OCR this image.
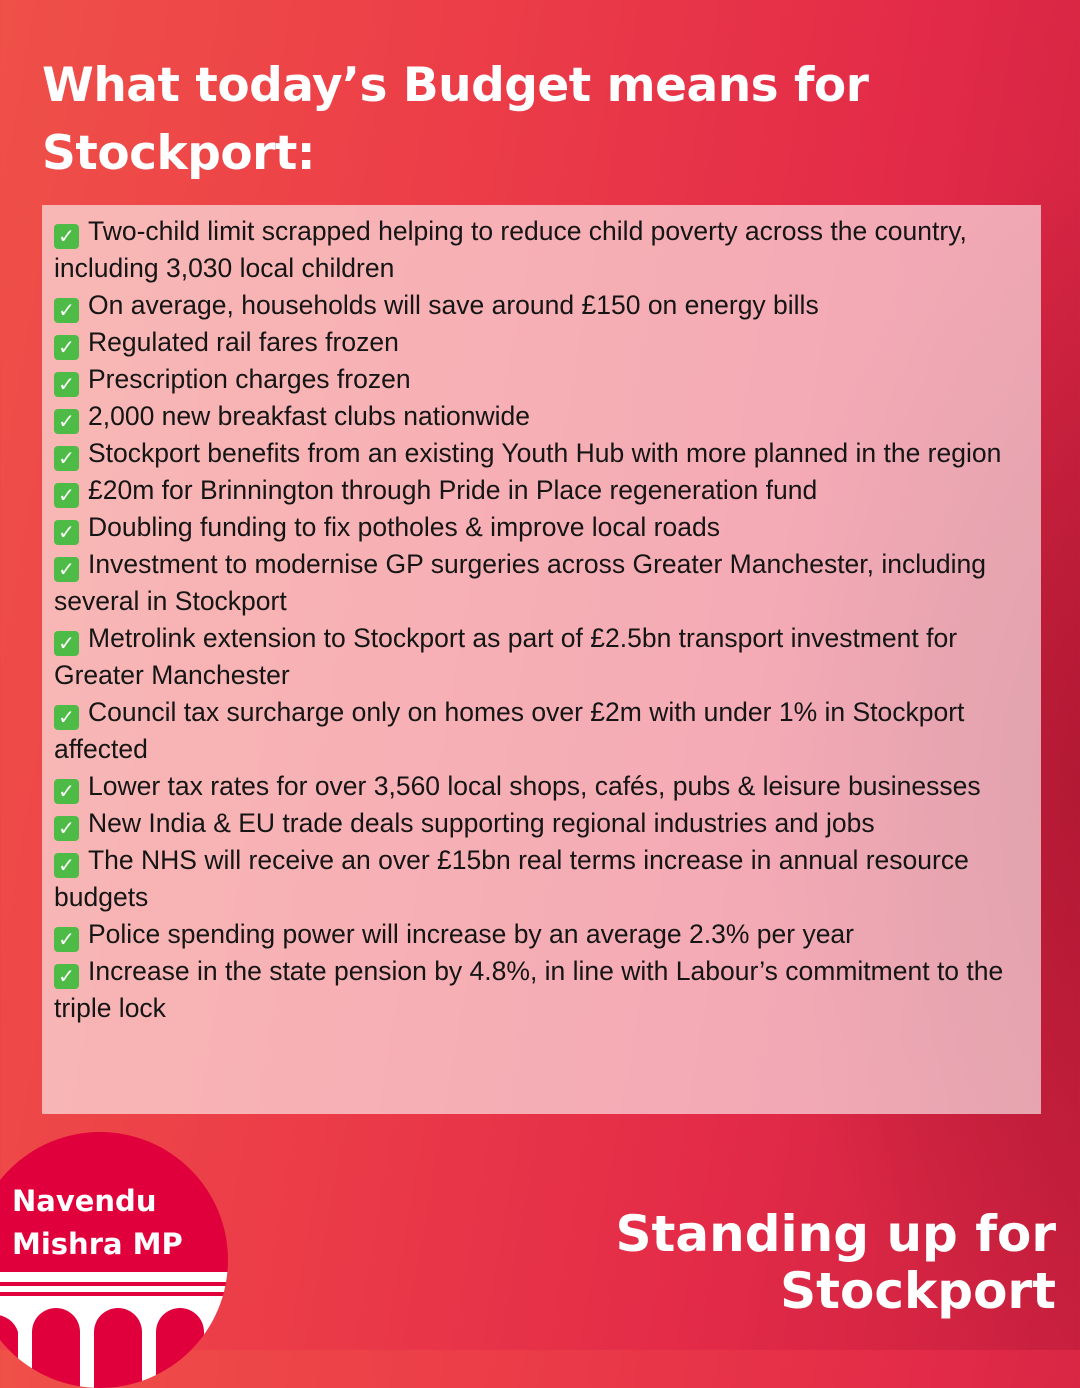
What today’s Budget means for Stockport:
✓ Two-child limit scrapped helping to reduce child poverty across the country, including 3,030 local children
✓ On average, households will save around £150 on energy bills
✓ Regulated rail fares frozen
✓ Prescription charges frozen
✓ 2,000 new breakfast clubs nationwide
✓ Stockport benefits from an existing Youth Hub with more planned in the region
✓ £20m for Brinnington through Pride in Place regeneration fund
✓ Doubling funding to fix potholes & improve local roads
✓ Investment to modernise GP surgeries across Greater Manchester, including several in Stockport
✓ Metrolink extension to Stockport as part of £2.5bn transport investment for Greater Manchester
✓ Council tax surcharge only on homes over £2m with under 1% in Stockport affected
✓ Lower tax rates for over 3,560 local shops, cafés, pubs & leisure businesses
✓ New India & EU trade deals supporting regional industries and jobs
✓ The NHS will receive an over £15bn real terms increase in annual resource budgets
✓ Police spending power will increase by an average 2.3% per year
✓ Increase in the state pension by 4.8%, in line with Labour’s commitment to the triple lock

Navendu Mishra MP	Standing up for Stockport
